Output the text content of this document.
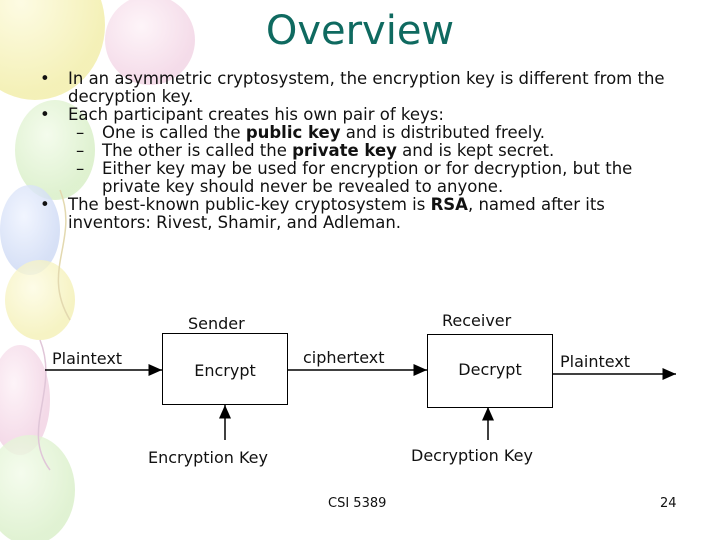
Overview

• In an asymmetric cryptosystem, the encryption key is different from the decryption key.

• Each participant creates his own pair of keys:

– One is called the public key and is distributed freely.

– The other is called the private key and is kept secret.

– Either key may be used for encryption or for decryption, but the private key should never be revealed to anyone.

• The best-known public-key cryptosystem is RSA, named after its inventors: Rivest, Shamir, and Adleman.

Sender	Receiver
Plaintext	ciphertext	Plaintext
Encrypt	Decrypt
Encryption Key	Decryption Key
CSI 5389	24
